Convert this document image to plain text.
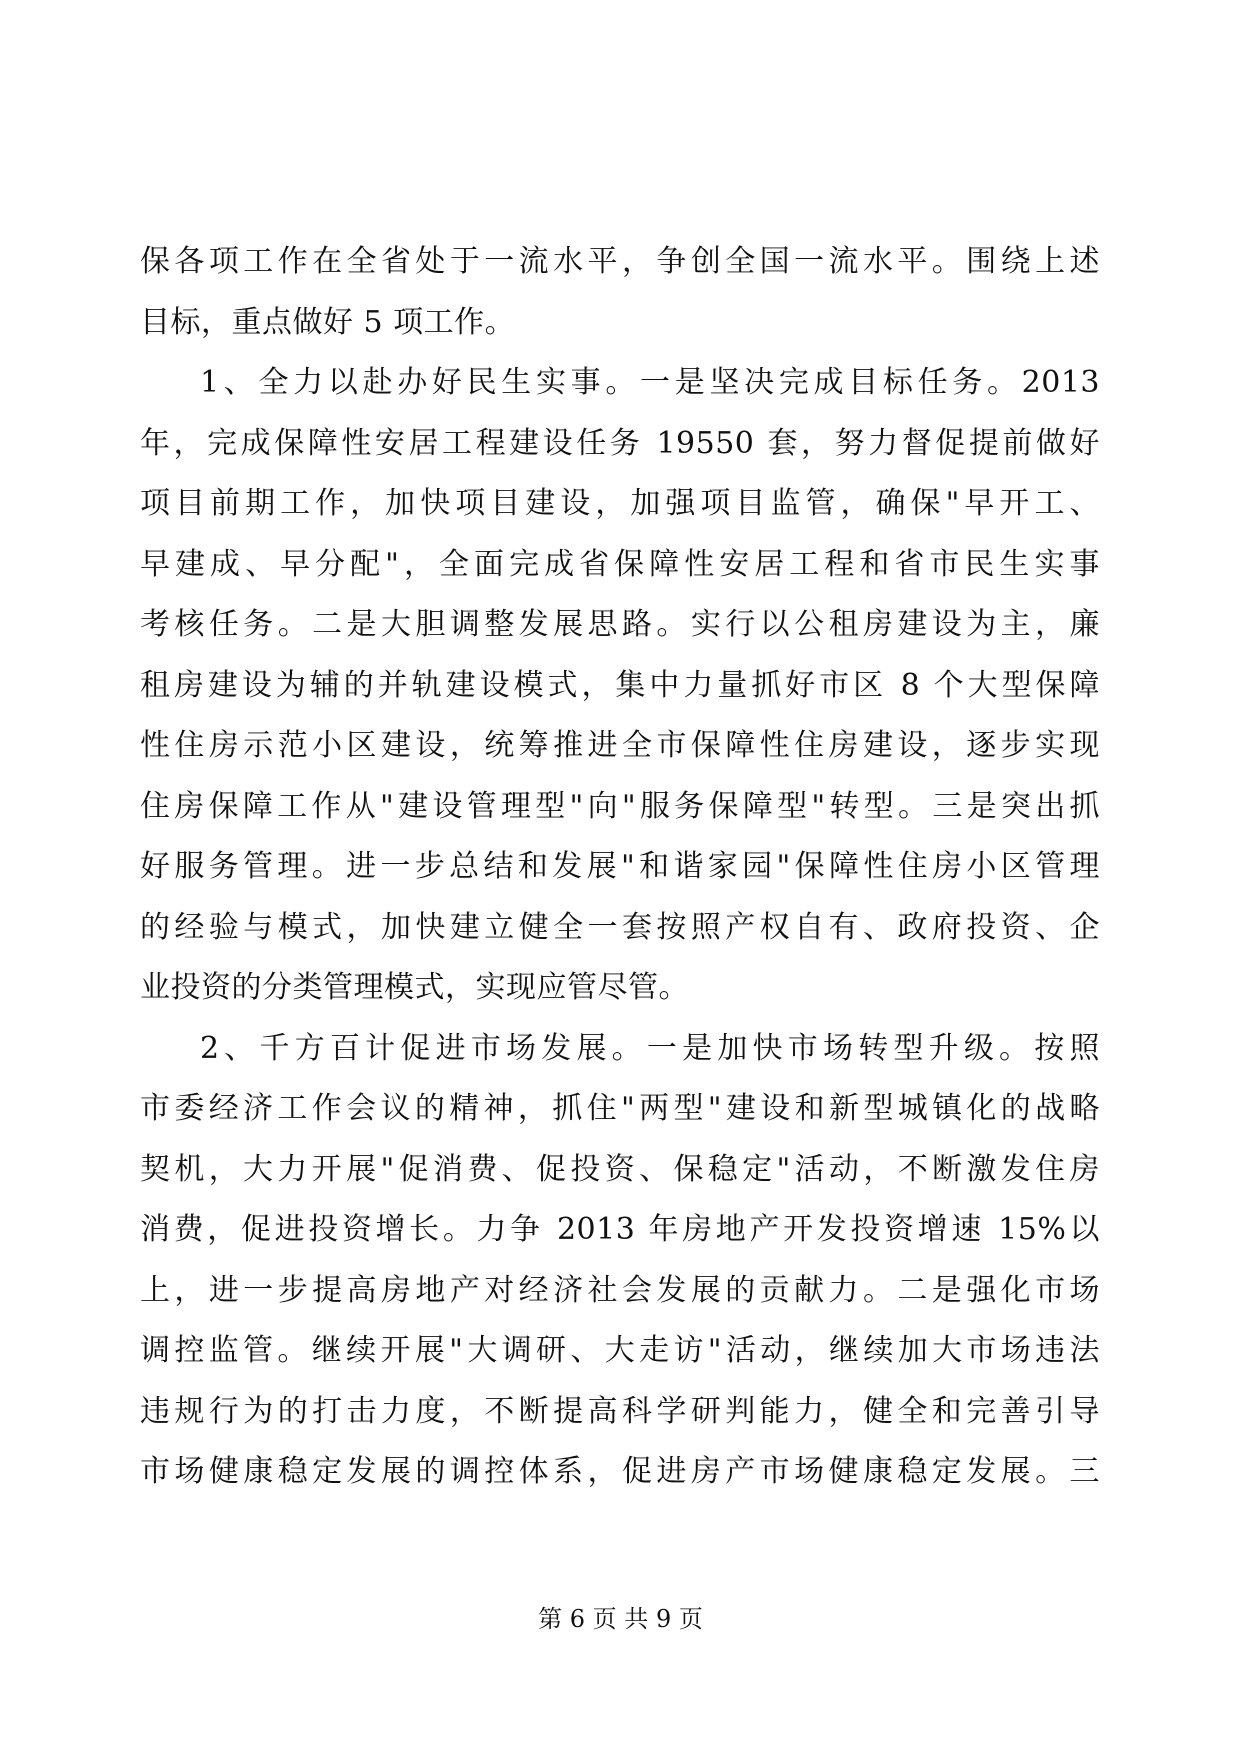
保各项工作在全省处于一流水平，争创全国一流水平。围绕上述
目标，重点做好 5 项工作。
1、全力以赴办好民生实事。一是坚决完成目标任务。2013
年，完成保障性安居工程建设任务 19550 套，努力督促提前做好
项目前期工作，加快项目建设，加强项目监管，确保"早开工、
早建成、早分配"，全面完成省保障性安居工程和省市民生实事
考核任务。二是大胆调整发展思路。实行以公租房建设为主，廉
租房建设为辅的并轨建设模式，集中力量抓好市区 8 个大型保障
性住房示范小区建设，统筹推进全市保障性住房建设，逐步实现
住房保障工作从"建设管理型"向"服务保障型"转型。三是突出抓
好服务管理。进一步总结和发展"和谐家园"保障性住房小区管理
的经验与模式，加快建立健全一套按照产权自有、政府投资、企
业投资的分类管理模式，实现应管尽管。
2、千方百计促进市场发展。一是加快市场转型升级。按照
市委经济工作会议的精神，抓住"两型"建设和新型城镇化的战略
契机，大力开展"促消费、促投资、保稳定"活动，不断激发住房
消费，促进投资增长。力争 2013 年房地产开发投资增速 15%以
上，进一步提高房地产对经济社会发展的贡献力。二是强化市场
调控监管。继续开展"大调研、大走访"活动，继续加大市场违法
违规行为的打击力度，不断提高科学研判能力，健全和完善引导
市场健康稳定发展的调控体系，促进房产市场健康稳定发展。三
第 6 页 共 9 页
